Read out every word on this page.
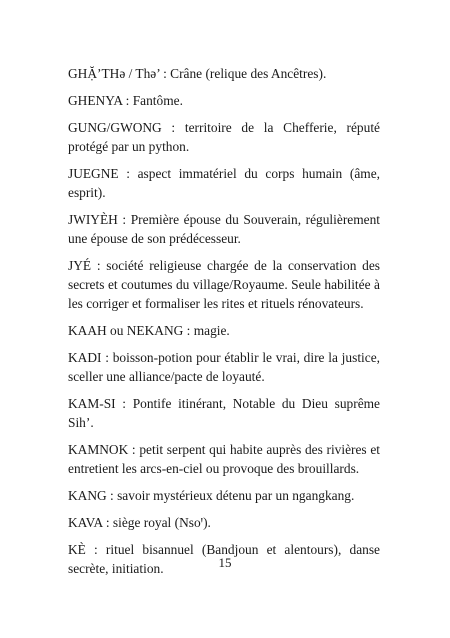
GHẶ’THə / Thə’ : Crâne (relique des Ancêtres).

GHENYA : Fantôme.

GUNG/GWONG : territoire de la Chefferie, réputé protégé par un python.

JUEGNE : aspect immatériel du corps humain (âme, esprit).

JWIYÈH : Première épouse du Souverain, régulièrement une épouse de son prédécesseur.

JYÉ : société religieuse chargée de la conservation des secrets et coutumes du village/Royaume. Seule habilitée à les corriger et formaliser les rites et rituels rénovateurs.

KAAH ou NEKANG : magie.

KADI : boisson-potion pour établir le vrai, dire la justice, sceller une alliance/pacte de loyauté.

KAM-SI : Pontife itinérant, Notable du Dieu suprême Sih’.

KAMNOK : petit serpent qui habite auprès des rivières et entretient les arcs-en-ciel ou provoque des brouillards.

KANG : savoir mystérieux détenu par un ngangkang.

KAVA : siège royal (Nsoꞌ).

KÈ : rituel bisannuel (Bandjoun et alentours), danse secrète, initiation.	15
